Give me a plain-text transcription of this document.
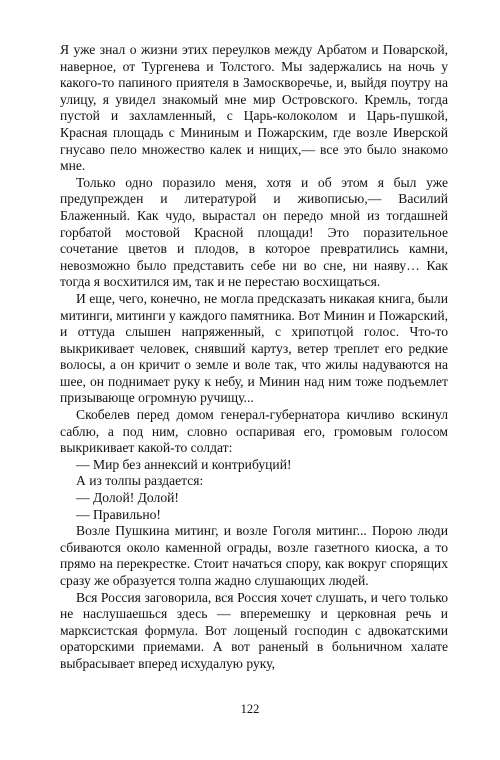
Я уже знал о жизни этих переулков между Арбатом и Поварской, наверное, от Тургенева и Толстого. Мы задержались на ночь у какого-то папиного приятеля в Замоскворечье, и, выйдя поутру на улицу, я увидел знакомый мне мир Островского. Кремль, тогда пустой и захламленный, с Царь-колоколом и Царь-пушкой, Красная площадь с Мининым и Пожарским, где возле Иверской гнусаво пело множество калек и нищих,— все это было знакомо мне.

Только одно поразило меня, хотя и об этом я был уже предупрежден и литературой и живописью,— Василий Блаженный. Как чудо, вырастал он передо мной из тогдашней горбатой мостовой Красной площади! Это поразительное сочетание цветов и плодов, в которое превратились камни, невозможно было представить себе ни во сне, ни наяву… Как тогда я восхитился им, так и не перестаю восхищаться.

И еще, чего, конечно, не могла предсказать никакая книга, были митинги, митинги у каждого памятника. Вот Минин и Пожарский, и оттуда слышен напряженный, с хрипотцой голос. Что-то выкрикивает человек, снявший картуз, ветер треплет его редкие волосы, а он кричит о земле и воле так, что жилы надуваются на шее, он поднимает руку к небу, и Минин над ним тоже подъемлет призывающе огромную ручищу...

Скобелев перед домом генерал-губернатора кичливо вскинул саблю, а под ним, словно оспаривая его, громовым голосом выкрикивает какой-то солдат:

— Мир без аннексий и контрибуций!

А из толпы раздается:

— Долой! Долой!

— Правильно!

Возле Пушкина митинг, и возле Гоголя митинг... Порою люди сбиваются около каменной ограды, возле газетного киоска, а то прямо на перекрестке. Стоит начаться спору, как вокруг спорящих сразу же образуется толпа жадно слушающих людей.

Вся Россия заговорила, вся Россия хочет слушать, и чего только не наслушаешься здесь — вперемешку и церковная речь и марксистская формула. Вот лощеный господин с адвокатскими ораторскими приемами. А вот раненый в больничном халате выбрасывает вперед исхудалую руку,

122
